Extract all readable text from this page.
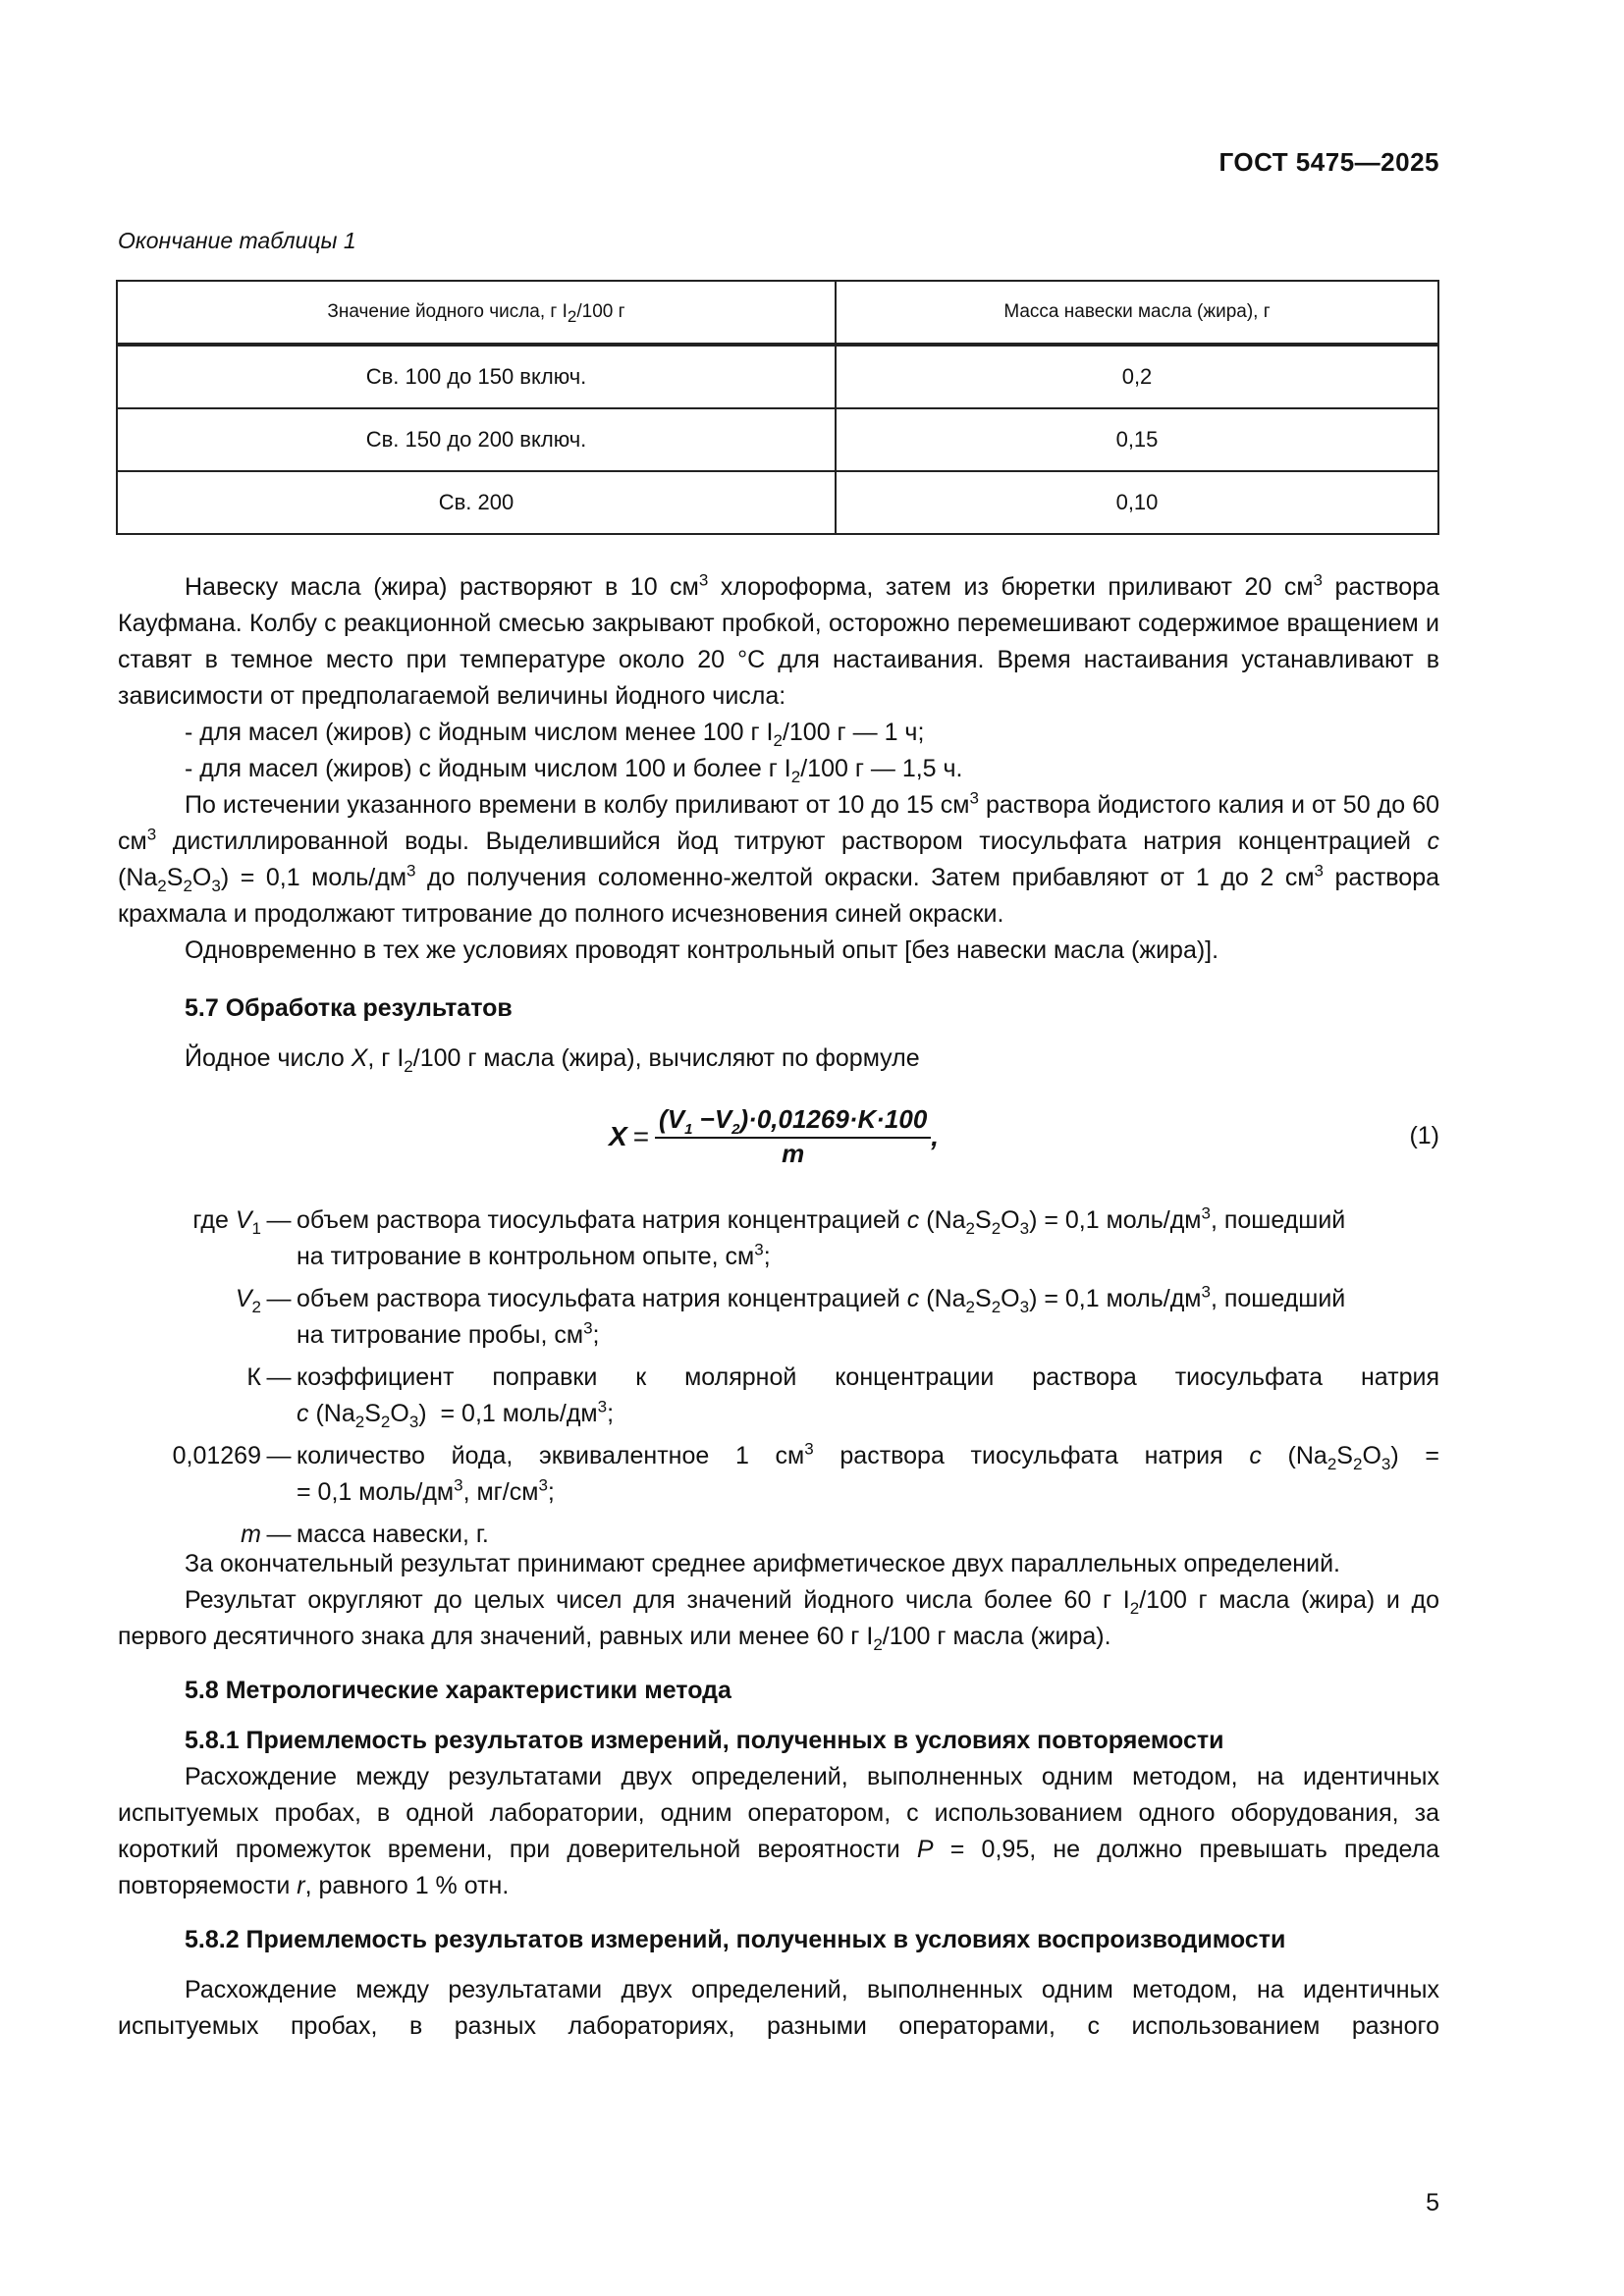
ГОСТ 5475—2025
Окончание таблицы 1
Значение йодного числа, г $I_2/100$ г	Масса навески масла (жира), г
Св. 100 до 150 включ.	0,2
Св. 150 до 200 включ.	0,15
Св. 200	0,10

Навеску масла (жира) растворяют в 10 $см^3$ хлороформа, затем из бюретки приливают 20 $см^3$ раствора Кауфмана. Колбу с реакционной смесью закрывают пробкой, осторожно перемешивают содержимое вращением и ставят в темное место при температуре около 20 °C для настаивания. Время настаивания устанавливают в зависимости от предполагаемой величины йодного числа:

- для масел (жиров) с йодным числом менее 100 г $I_2/100$ г — 1 ч;
- для масел (жиров) с йодным числом 100 и более г $I_2/100$ г — 1,5 ч.

По истечении указанного времени в колбу приливают от 10 до 15 $см^3$ раствора йодистого калия и от 50 до 60 $см^3$ дистиллированной воды. Выделившийся йод титруют раствором тиосульфата натрия концентрацией c $(Na_2S_2O_3) = 0,1$ моль/$дм^3$ до получения соломенно-желтой окраски. Затем прибавляют от 1 до 2 $см^3$ раствора крахмала и продолжают титрование до полного исчезновения синей окраски.

Одновременно в тех же условиях проводят контрольный опыт [без навески масла (жира)].

5.7 Обработка результатов
Йодное число X, г $I_2/100$ г масла (жира), вычисляют по формуле
$X = \frac{(V_1 -V_2)\cdot 0,01269\cdot K\cdot 100}{m}$ ,	(1)
где $V_1$ — объем раствора тиосульфата натрия концентрацией c $(Na_2S_2O_3) = 0,1$ моль/$дм^3$, пошедший
на титрование в контрольном опыте, $см^3$;
$V_2$ — объем раствора тиосульфата натрия концентрацией c $(Na_2S_2O_3) = 0,1$ моль/$дм^3$, пошедший
на титрование пробы, $см^3$;
К — коэффициент поправки к молярной концентрации раствора тиосульфата натрия
c $(Na_2S_2O_3) = 0,1$ моль/$дм^3$;
0,01269 — количество йода, эквивалентное 1 $см^3$ раствора тиосульфата натрия c $(Na_2S_2O_3)$ =
= 0,1 моль/$дм^3$, $мг/см^3$;
m — масса навески, г.

За окончательный результат принимают среднее арифметическое двух параллельных определений.

Результат округляют до целых чисел для значений йодного числа более 60 г $I_2/100$ г масла (жира) и до первого десятичного знака для значений, равных или менее 60 г $I_2/100$ г масла (жира).

5.8 Метрологические характеристики метода
5.8.1 Приемлемость результатов измерений, полученных в условиях повторяемости

Расхождение между результатами двух определений, выполненных одним методом, на идентичных испытуемых пробах, в одной лаборатории, одним оператором, с использованием одного оборудования, за короткий промежуток времени, при доверительной вероятности P = 0,95, не должно превышать предела повторяемости r, равного 1 % отн.

5.8.2 Приемлемость результатов измерений, полученных в условиях воспроизводимости

Расхождение между результатами двух определений, выполненных одним методом, на идентичных испытуемых пробах, в разных лабораториях, разными операторами, с использованием разного

5
